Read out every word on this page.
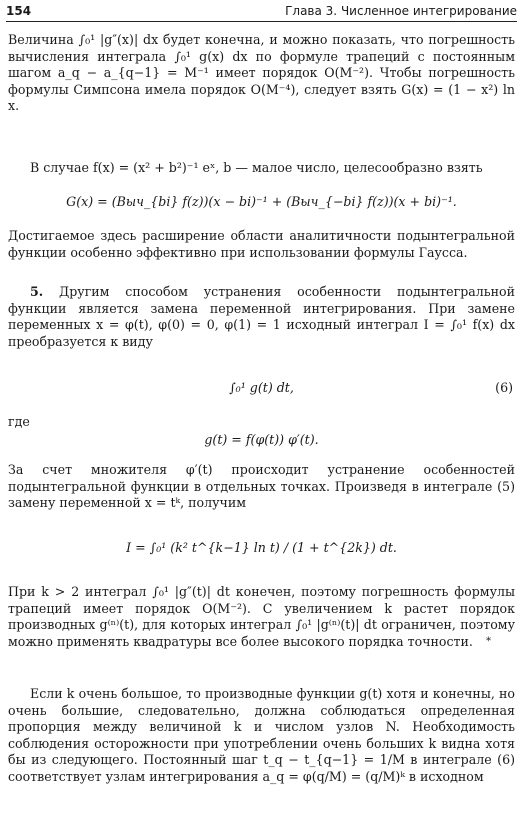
154	Глава 3. Численное интегрирование

Величина ∫₀¹ |g″(x)| dx будет конечна, и можно показать, что погрешность вычисления интеграла ∫₀¹ g(x) dx по формуле трапеций с постоянным шагом a_q − a_{q−1} = M⁻¹ имеет порядок O(M⁻²). Чтобы погрешность формулы Симпсона имела порядок O(M⁻⁴), следует взять G(x) = (1 − x²) ln x.

В случае f(x) = (x² + b²)⁻¹ eˣ, b — малое число, целесообразно взять

G(x) = (Выч_{bi} f(z))(x − bi)⁻¹ + (Выч_{−bi} f(z))(x + bi)⁻¹.

Достигаемое здесь расширение области аналитичности подынтегральной функции особенно эффективно при использовании формулы Гаусса.

5. Другим способом устранения особенности подынтегральной функции является замена переменной интегрирования. При замене переменных x = φ(t), φ(0) = 0, φ(1) = 1 исходный интеграл I = ∫₀¹ f(x) dx преобразуется к виду

∫₀¹ g(t) dt,	(6)

где

g(t) = f(φ(t)) φ′(t).

За счет множителя φ′(t) происходит устранение особенностей подынтегральной функции в отдельных точках. Произведя в интеграле (5) замену переменной x = tᵏ, получим

I = ∫₀¹ (k² t^{k−1} ln t) / (1 + t^{2k}) dt.

При k > 2 интеграл ∫₀¹ |g″(t)| dt конечен, поэтому погрешность формулы трапеций имеет порядок O(M⁻²). С увеличением k растет порядок производных g⁽ⁿ⁾(t), для которых интеграл ∫₀¹ |g⁽ⁿ⁾(t)| dt ограничен, поэтому можно применять квадратуры все более высокого порядка точности.	*

Если k очень большое, то производные функции g(t) хотя и конечны, но очень большие, следовательно, должна соблюдаться определенная пропорция между величиной k и числом узлов N. Необходимость соблюдения осторожности при употреблении очень больших k видна хотя бы из следующего. Постоянный шаг t_q − t_{q−1} = 1/M в интеграле (6) соответствует узлам интегрирования a_q = φ(q/M) = (q/M)ᵏ в исходном
